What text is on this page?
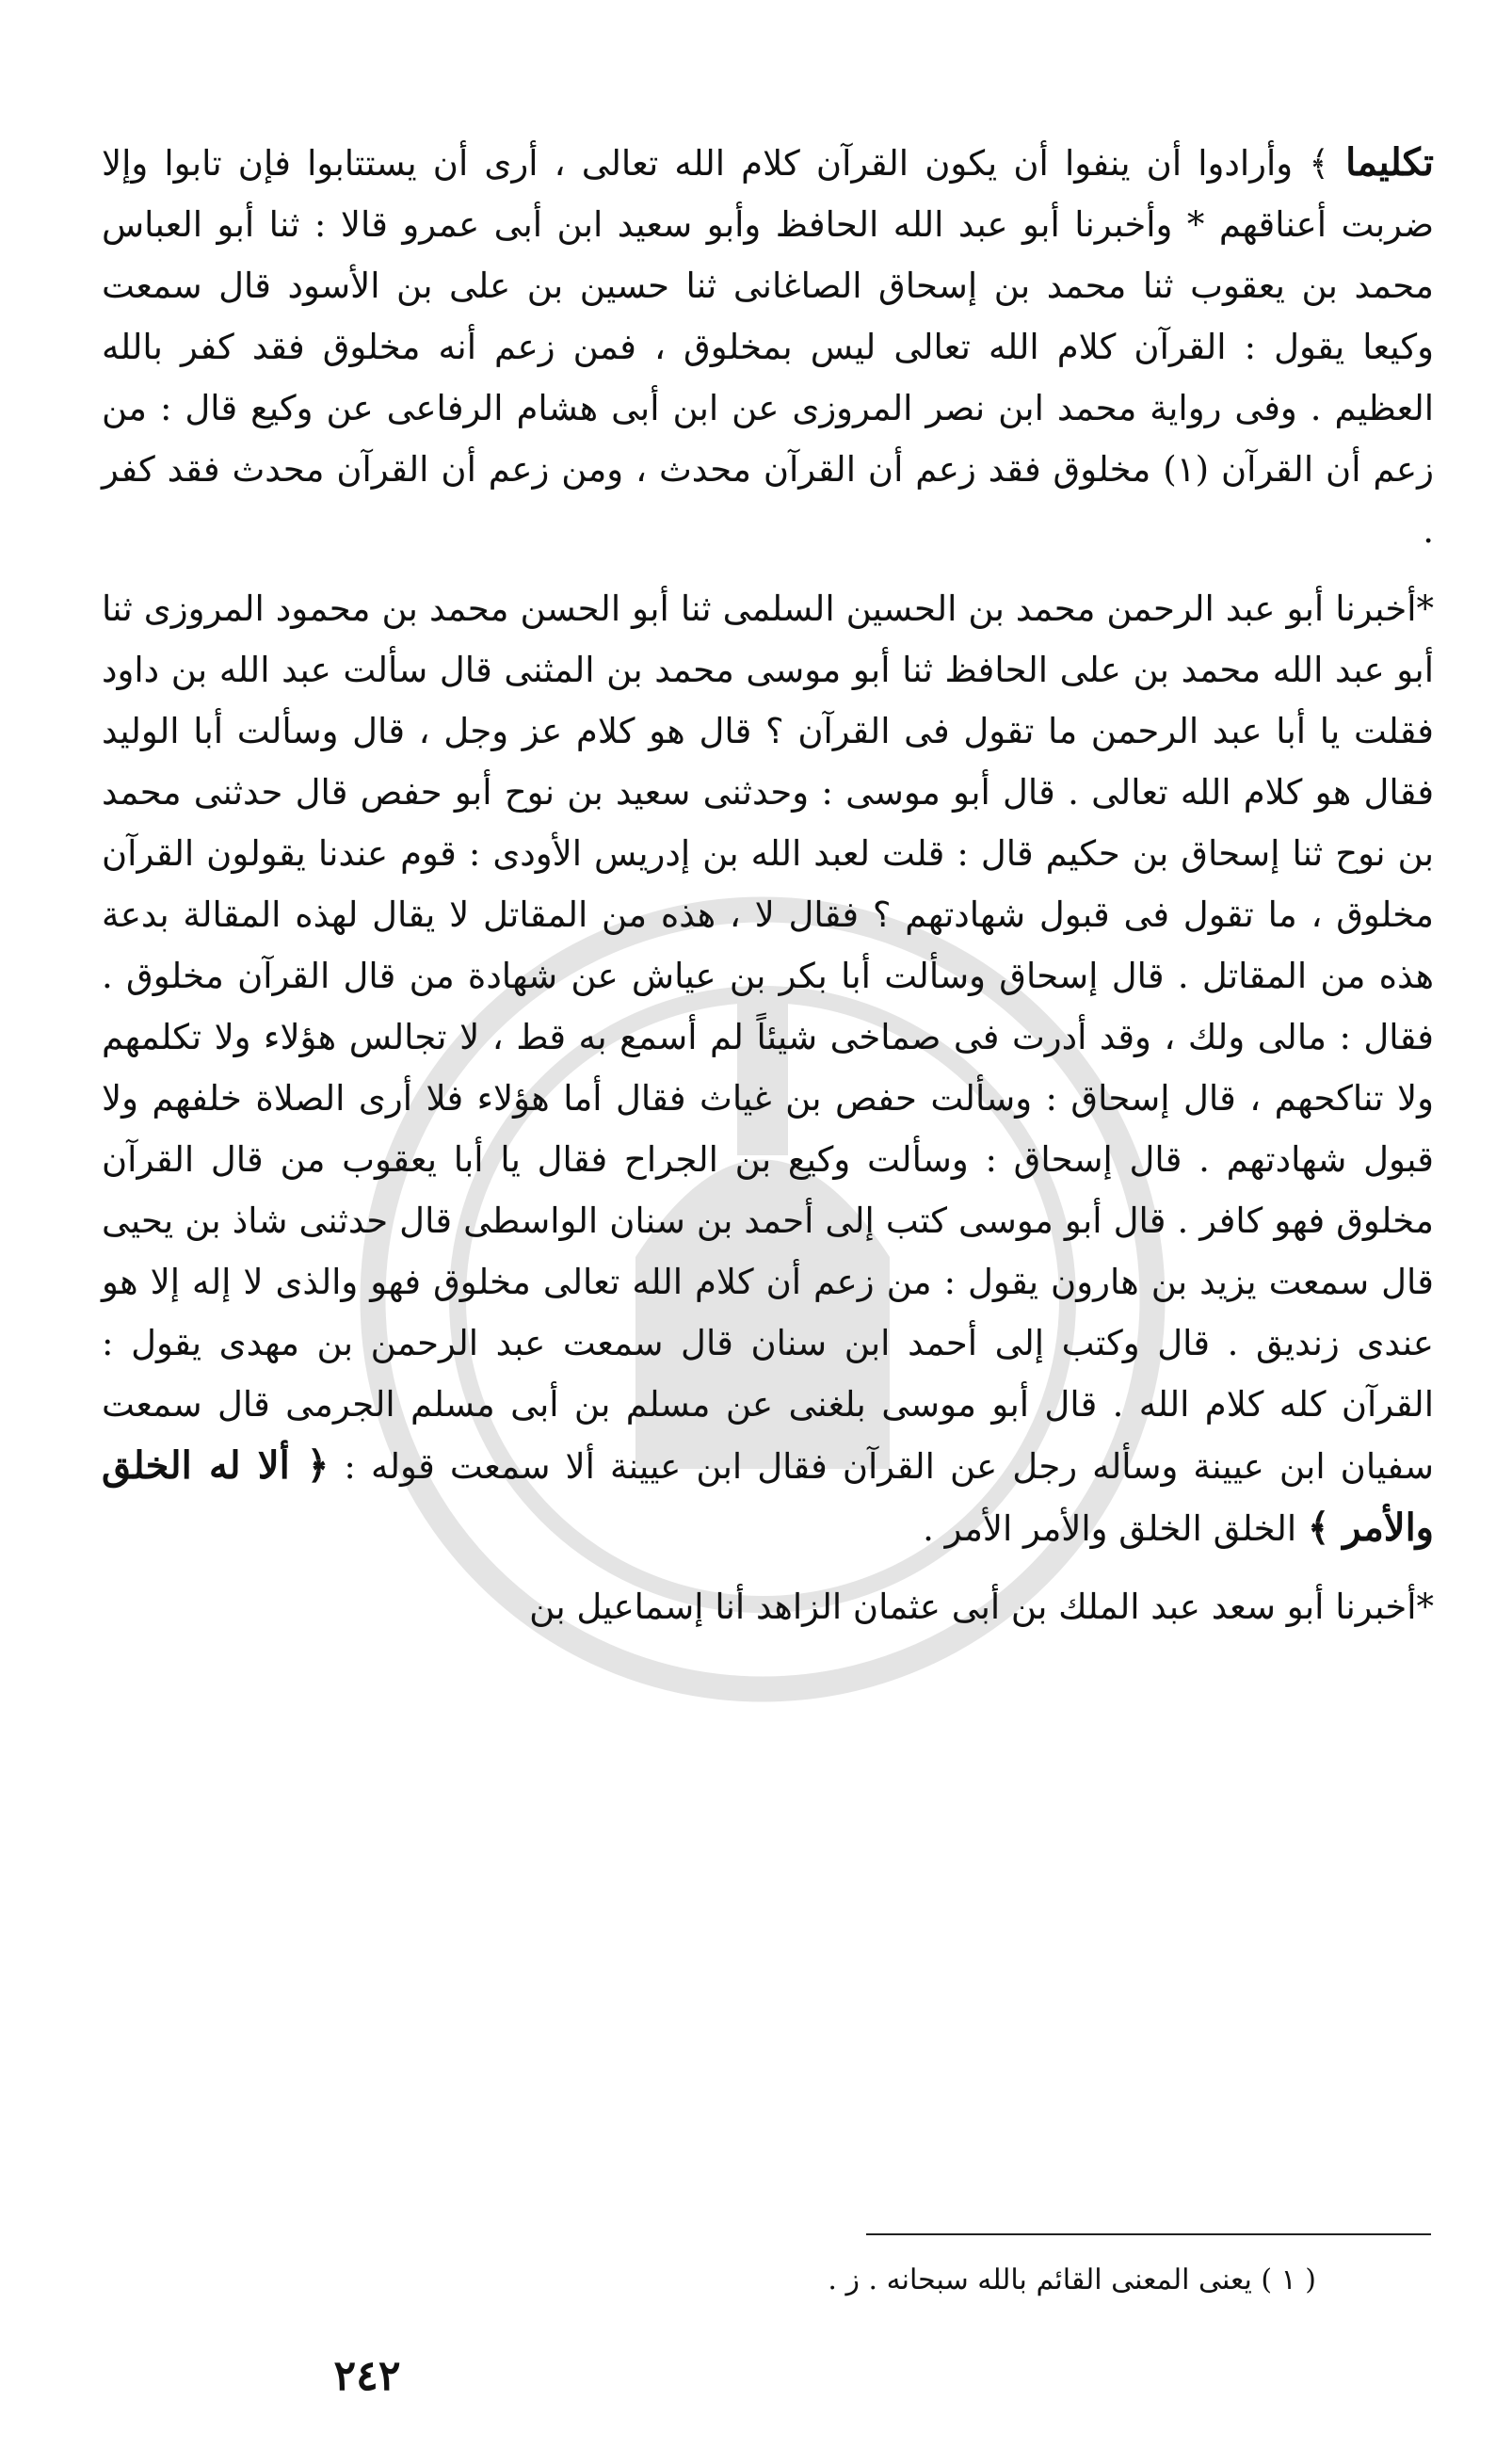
تكليما ﴾ وأرادوا أن ينفوا أن يكون القرآن كلام الله تعالى ، أرى أن يستتابوا فإن تابوا وإلا ضربت أعناقهم * وأخبرنا أبو عبد الله الحافظ وأبو سعيد ابن أبى عمرو قالا : ثنا أبو العباس محمد بن يعقوب ثنا محمد بن إسحاق الصاغانى ثنا حسين بن على بن الأسود قال سمعت وكيعا يقول : القرآن كلام الله تعالى ليس بمخلوق ، فمن زعم أنه مخلوق فقد كفر بالله العظيم . وفى رواية محمد ابن نصر المروزى عن ابن أبى هشام الرفاعى عن وكيع قال : من زعم أن القرآن (١) مخلوق فقد زعم أن القرآن محدث ، ومن زعم أن القرآن محدث فقد كفر .

*أخبرنا أبو عبد الرحمن محمد بن الحسين السلمى ثنا أبو الحسن محمد بن محمود المروزى ثنا أبو عبد الله محمد بن على الحافظ ثنا أبو موسى محمد بن المثنى قال سألت عبد الله بن داود فقلت يا أبا عبد الرحمن ما تقول فى القرآن ؟ قال هو كلام عز وجل ، قال وسألت أبا الوليد فقال هو كلام الله تعالى . قال أبو موسى : وحدثنى سعيد بن نوح أبو حفص قال حدثنى محمد بن نوح ثنا إسحاق بن حكيم قال : قلت لعبد الله بن إدريس الأودى : قوم عندنا يقولون القرآن مخلوق ، ما تقول فى قبول شهادتهم ؟ فقال لا ، هذه من المقاتل لا يقال لهذه المقالة بدعة هذه من المقاتل . قال إسحاق وسألت أبا بكر بن عياش عن شهادة من قال القرآن مخلوق . فقال : مالى ولك ، وقد أدرت فى صماخى شيئاً لم أسمع به قط ، لا تجالس هؤلاء ولا تكلمهم ولا تناكحهم ، قال إسحاق : وسألت حفص بن غياث فقال أما هؤلاء فلا أرى الصلاة خلفهم ولا قبول شهادتهم . قال إسحاق : وسألت وكيع بن الجراح فقال يا أبا يعقوب من قال القرآن مخلوق فهو كافر . قال أبو موسى كتب إلى أحمد بن سنان الواسطى قال حدثنى شاذ بن يحيى قال سمعت يزيد بن هارون يقول : من زعم أن كلام الله تعالى مخلوق فهو والذى لا إله إلا هو عندى زنديق . قال وكتب إلى أحمد ابن سنان قال سمعت عبد الرحمن بن مهدى يقول : القرآن كله كلام الله . قال أبو موسى بلغنى عن مسلم بن أبى مسلم الجرمى قال سمعت سفيان ابن عيينة وسأله رجل عن القرآن فقال ابن عيينة ألا سمعت قوله : ﴿ ألا له الخلق والأمر ﴾ الخلق الخلق والأمر الأمر .

*أخبرنا أبو سعد عبد الملك بن أبى عثمان الزاهد أنا إسماعيل بن

( ١ ) يعنى المعنى القائم بالله سبحانه . ز .
٢٤٢
